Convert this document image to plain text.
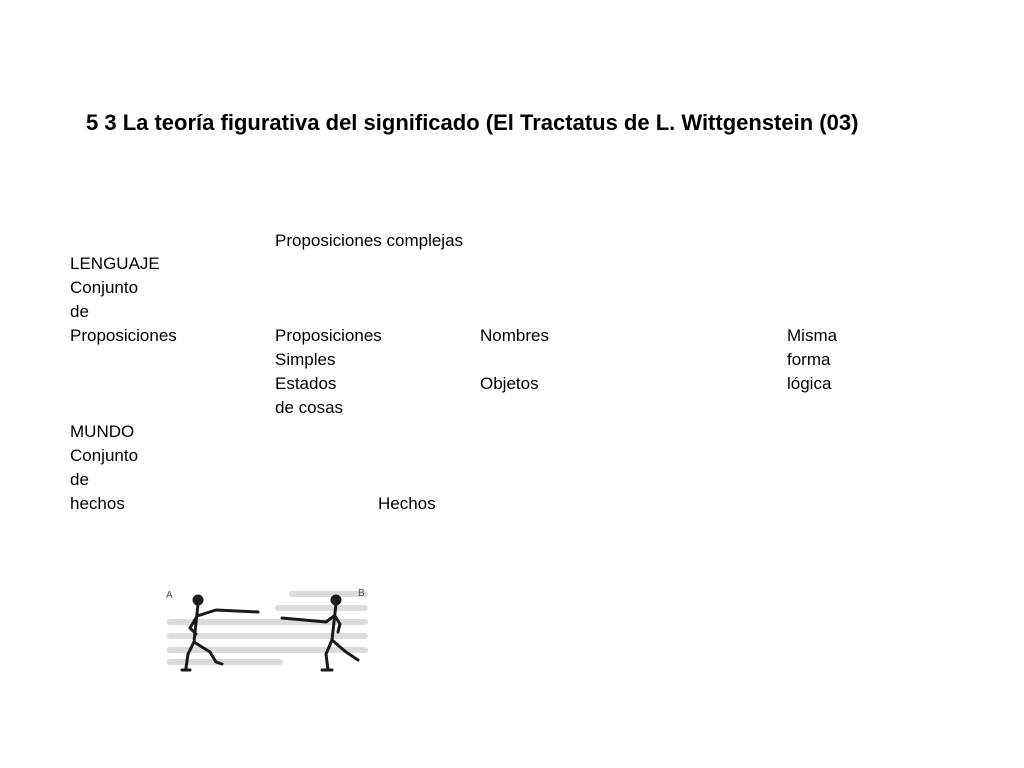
5 3 La teoría figurativa del significado (El Tractatus de L. Wittgenstein (03)
Proposiciones complejas
LENGUAJE
Conjunto
de
Proposiciones	Proposiciones
Simples
Nombres	Misma
forma
lógica
Estados
de cosas
Objetos
MUNDO
Conjunto
de
hechos	Hechos
A	B
